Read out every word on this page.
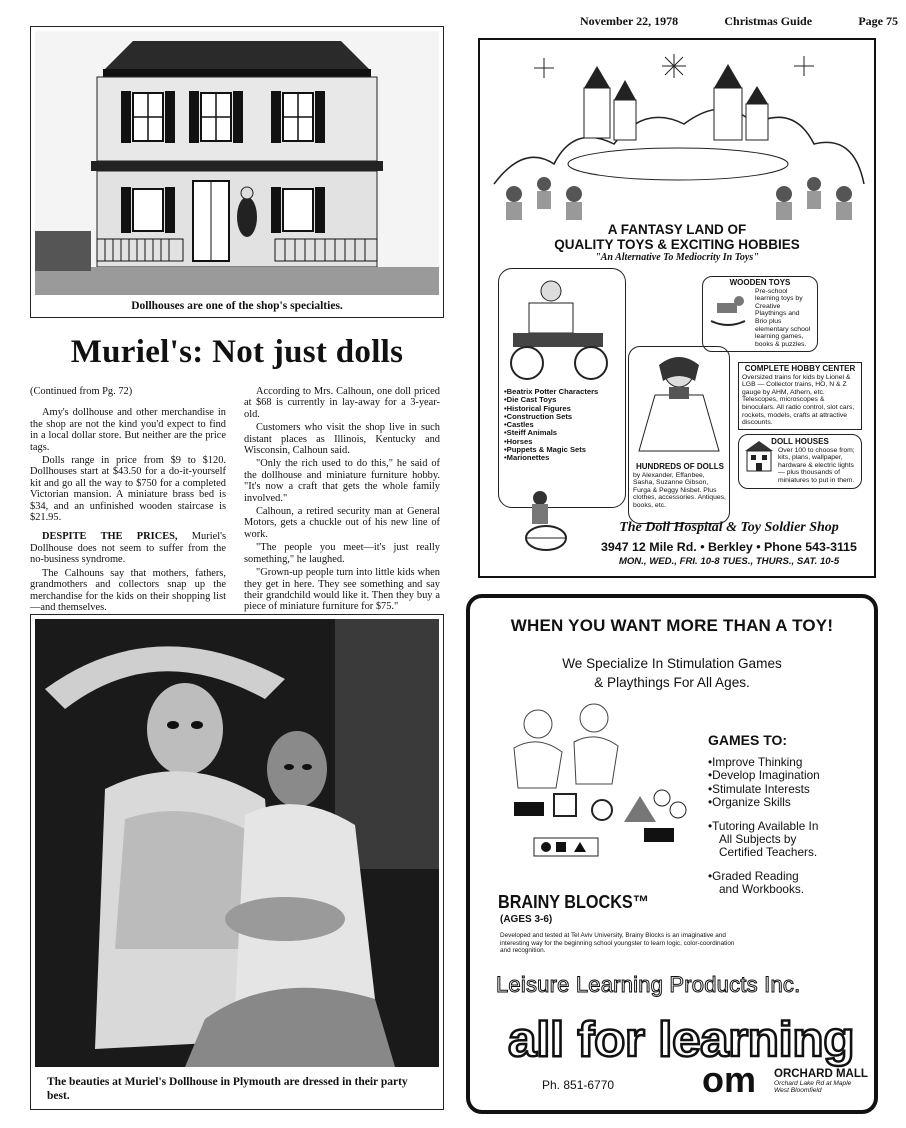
November 22, 1978	Christmas Guide	Page 75
Dollhouses are one of the shop's specialties.
Muriel's: Not just dolls

(Continued from Pg. 72)

Amy's dollhouse and other merchandise in the shop are not the kind you'd expect to find in a local dollar store. But neither are the price tags.

Dolls range in price from $9 to $120. Dollhouses start at $43.50 for a do-it-yourself kit and go all the way to $750 for a completed Victorian mansion. A miniature brass bed is $34, and an unfinished wooden staircase is $21.95.

DESPITE THE PRICES, Muriel's Dollhouse does not seem to suffer from the no-business syndrome.

The Calhouns say that mothers, fathers, grandmothers and collectors snap up the merchandise for the kids on their shopping list—and themselves.

According to Mrs. Calhoun, one doll priced at $68 is currently in lay-away for a 3-year-old.

Customers who visit the shop live in such distant places as Illinois, Kentucky and Wisconsin, Calhoun said.

"Only the rich used to do this," he said of the dollhouse and miniature furniture hobby. "It's now a craft that gets the whole family involved."

Calhoun, a retired security man at General Motors, gets a chuckle out of his new line of work.

"The people you meet—it's just really something," he laughed.

"Grown-up people turn into little kids when they get in here. They see something and say their grandchild would like it. Then they buy a piece of miniature furniture for $75."

The beauties at Muriel's Dollhouse in Plymouth are dressed in their party best.
A FANTASY LAND OF
QUALITY TOYS & EXCITING HOBBIES
"An Alternative To Mediocrity In Toys"
• Beatrix Potter Characters
• Die Cast Toys
• Historical Figures
• Construction Sets
• Castles
• Steiff Animals
• Horses
• Puppets & Magic Sets
• Marionettes
WOODEN TOYS

Pre-school learning toys by Creative Playthings and Brio plus elementary school learning games, books & puzzles.

HUNDREDS OF DOLLS

by Alexander, Effanbee, Sasha, Suzanne Gibson, Furga & Peggy Nisbet. Plus clothes, accessories. Antiques, books, etc.

COMPLETE HOBBY CENTER

Oversized trains for kids by Lionel & LGB — Collector trains, HO, N & Z gauge by AHM, Athern, etc. Telescopes, microscopes & binoculars. All radio control, slot cars, rockets, models, crafts at attractive discounts.

DOLL HOUSES

Over 100 to choose from; kits, plans, wallpaper, hardware & electric lights — plus thousands of miniatures to put in them.

The Doll Hospital & Toy Soldier Shop
3947 12 Mile Rd. • Berkley • Phone 543-3115
MON., WED., FRI. 10-8 TUES., THURS., SAT. 10-5
WHEN YOU WANT MORE THAN A TOY!
We Specialize In Stimulation Games
& Playthings For All Ages.
GAMES TO:
• Improve Thinking
• Develop Imagination
• Stimulate Interests
• Organize Skills
• Tutoring Available In
All Subjects by
Certified Teachers.
• Graded Reading
and Workbooks.
BRAINY BLOCKS™
(AGES 3-6)
Developed and tested at Tel Aviv University, Brainy Blocks is an imaginative and interesting way for the beginning school youngster to learn logic, color-coordination and recognition.
Leisure Learning Products Inc.
all for learning
Ph. 851-6770 om ORCHARD MALL
Orchard Lake Rd at Maple
West Bloomfield
